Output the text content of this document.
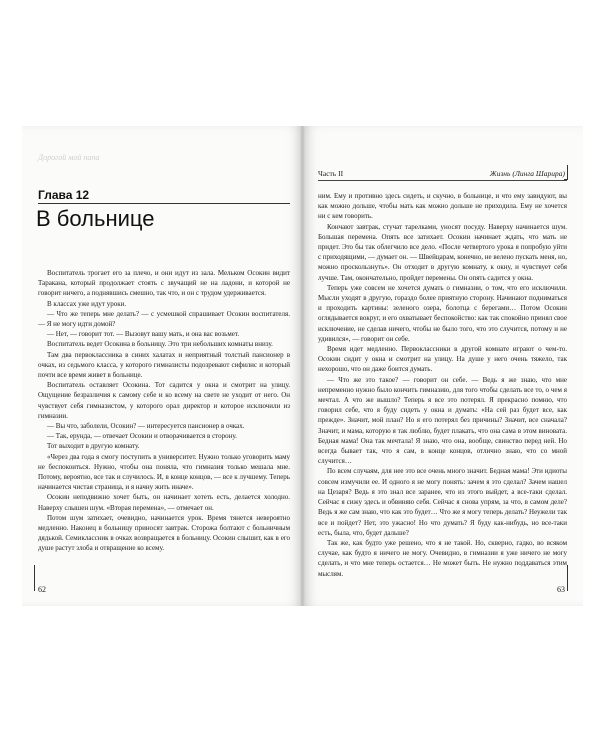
Дорогой мой папа
Глава 12
В больнице

Воспитатель трогает его за плечо, и они идут из зала. Мельком Осокин видит Таракана, который продолжает стоять с звучащий не на ладони, и которой не говорит ничего, а поднявшись смешно, так что, и он с трудом удерживается.

В классах уже идут уроки.

— Что же теперь мне делать? — с усмешкой спрашивает Осокин воспитателя. — Я не могу идти домой?

— Нет, — говорит тот. — Вызовут вашу мать, и она вас возьмет.

Воспитатель ведет Осокина в больницу. Это три небольших комнаты внизу.

Там два первоклассника в синих халатах и неприятный толстый пансионер в очках, из седьмого класса, у которого гимназисты подозревают сифилис и который почти все время живет в больнице.

Воспитатель оставляет Осокина. Тот садится у окна и смотрит на улицу. Ощущение безразличия к самому себе и ко всему на свете не уходит от него. Он чувствует себя гимназистом, у которого орал директор и которое исключили из гимназии.

— Вы что, заболели, Осокин? — интересуется пансионер в очках.

— Так, ерунда, — отвечает Осокин и отворачивается в сторону.

Тот выходит в другую комнату.

«Через два года я смогу поступить в университет. Нужно только уговорить маму не беспокоиться. Нужно, чтобы она поняла, что гимназия только мешала мне. Потому, вероятно, все так и случилось. И, в конце концов, — все к лучшему. Теперь начинается чистая страница, и я начну жить иначе».

Осокин неподвижно хочет быть, он начинает хотеть есть, делается холодно. Наверху слышен шум. «Вторая перемена», — отмечает он.

Потом шум затихает, очевидно, начинается урок. Время тянется невероятно медленно. Наконец в больницу приносят завтрак. Сторожа болтают с больничным дядькой. Семиклассник в очках возвращается в больницу. Осокин слышит, как в его душе растут злоба и отвращение ко всему.

62
Часть II	Жизнь (Линга Шарира)

ним. Ему и противно здесь сидеть, и скучно, в больнице, и что ему завидуют, вы как можно дольше, чтобы мать как можно дольше не приходила. Ему не хочется ни с кем говорить.

Кончают завтрак, стучат тарелками, уносят посуду. Наверху начинается шум. Большая перемена. Опять все затихает. Осокин начинает ждать, что мать не придет. Это бы так облегчило все дело. «После четвертого урока я попробую уйти с приходящими, — думает он. — Швейцарам, конечно, не велено пускать меня, но, можно проскользнуть». Он отходит в другую комнату, к окну, и чувствует себя лучше. Там, окончательно, пройдет перемены. Он опять садится у окна.

Теперь уже совсем не хочется думать о гимназии, о том, что его исключили. Мысли уходят в другую, гораздо более приятную сторону. Начинают подниматься и проходить картины: зеленого озера, болотца с берегами… Потом Осокин оглядывается вокруг, и его охватывает беспокойство: как так спокойно принял свое исключение, не сделав ничего, чтобы не было того, что это случится, потому и не удивился», — говорит он себе.

Время идет медленно. Первоклассники в другой комнате играют о чем-то. Осокин сидит у окна и смотрит на улицу. На душе у него очень тяжело, так нехорошо, что он даже боится думать.

— Что же это такое? — говорит он себе. — Ведь я же знаю, что мне непременно нужно было кончить гимназию, для того чтобы сделать все то, о чем я мечтал. А что же вышло? Теперь я все это потерял. Я прекрасно помню, что говорил себе, что я буду сидеть у окна и думать: «На сей раз будет все, как прежде». Значит, мой план? Но я его потерял без причины? Значит, все сначала? Значит, и мама, которую я так люблю, будет плакать, что она сама в этом виновата. Бедная мама! Она так мечтала! Я знаю, что она, вообще, свинство перед ней. Но всегда бывает так, что я сам, в конце концов, отлично знаю, что со мной случится…

По всем случаям, для нее это все очень много значит. Бедная мама! Эти идиоты совсем измучили ее. И одного я не могу понять: зачем я это сделал? Зачем нашел на Цезаря? Ведь я это знал все заранее, что из этого выйдет, а все-таки сделал. Сейчас я сижу здесь и обвиняю себя. Сейчас я снова упрям, за что, в самом деле? Ведь я же сам знаю, что как это будет… Что же я могу теперь делать? Неужели так все и пойдет? Нет, это ужасно! Но что думать? Я буду как-нибудь, но все-таки есть, была, что, будет дальше?

Так же, как будто уже решено, что я не такой. Но, скверно, гадко, во всяком случае, как будто я ничего не могу. Очевидно, в гимназии я уже ничего не могу сделать, и что мне теперь остается… Не может быть. Не нужно поддаваться этим мыслям.

63
